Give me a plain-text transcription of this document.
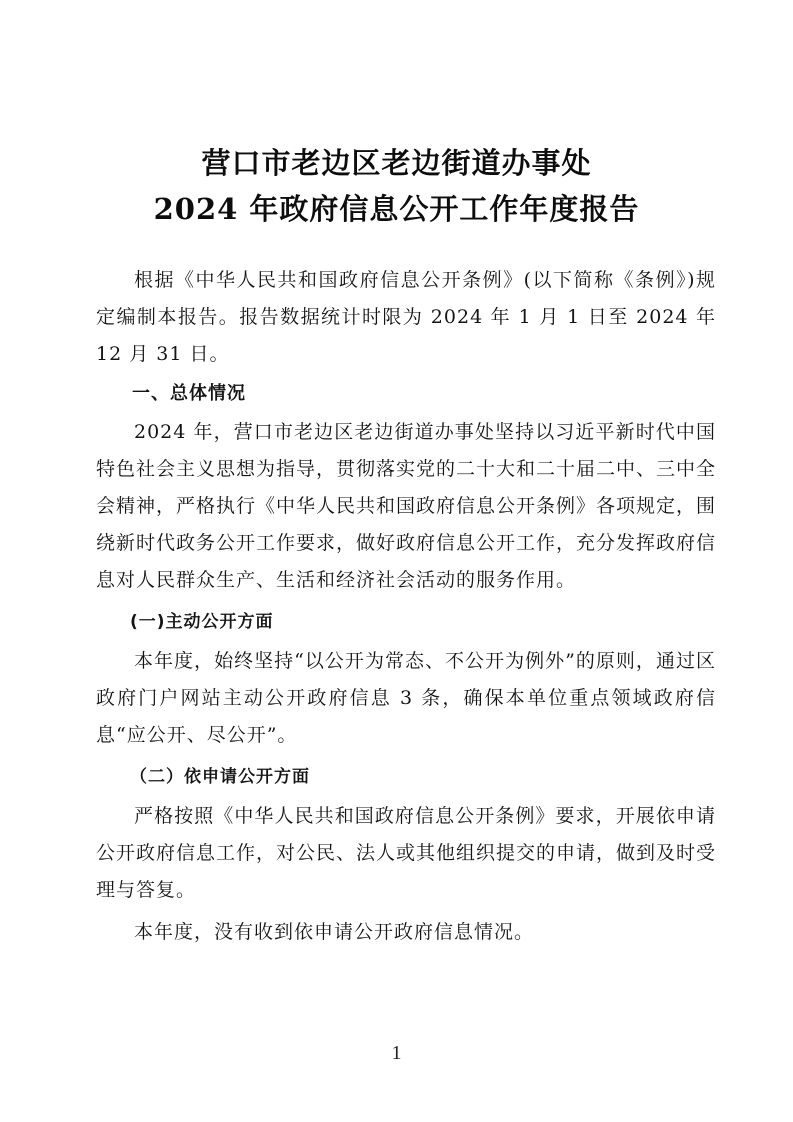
营口市老边区老边街道办事处
2024 年政府信息公开工作年度报告

根据《中华人民共和国政府信息公开条例》(以下简称《条例》)规定编制本报告。报告数据统计时限为 2024 年 1 月 1 日至 2024 年 12 月 31 日。

一、总体情况

2024 年，营口市老边区老边街道办事处坚持以习近平新时代中国特色社会主义思想为指导，贯彻落实党的二十大和二十届二中、三中全会精神，严格执行《中华人民共和国政府信息公开条例》各项规定，围绕新时代政务公开工作要求，做好政府信息公开工作，充分发挥政府信息对人民群众生产、生活和经济社会活动的服务作用。

(一)主动公开方面

本年度，始终坚持“以公开为常态、不公开为例外”的原则，通过区政府门户网站主动公开政府信息 3 条，确保本单位重点领域政府信息“应公开、尽公开”。

（二）依申请公开方面

严格按照《中华人民共和国政府信息公开条例》要求，开展依申请公开政府信息工作，对公民、法人或其他组织提交的申请，做到及时受理与答复。

本年度，没有收到依申请公开政府信息情况。

1
